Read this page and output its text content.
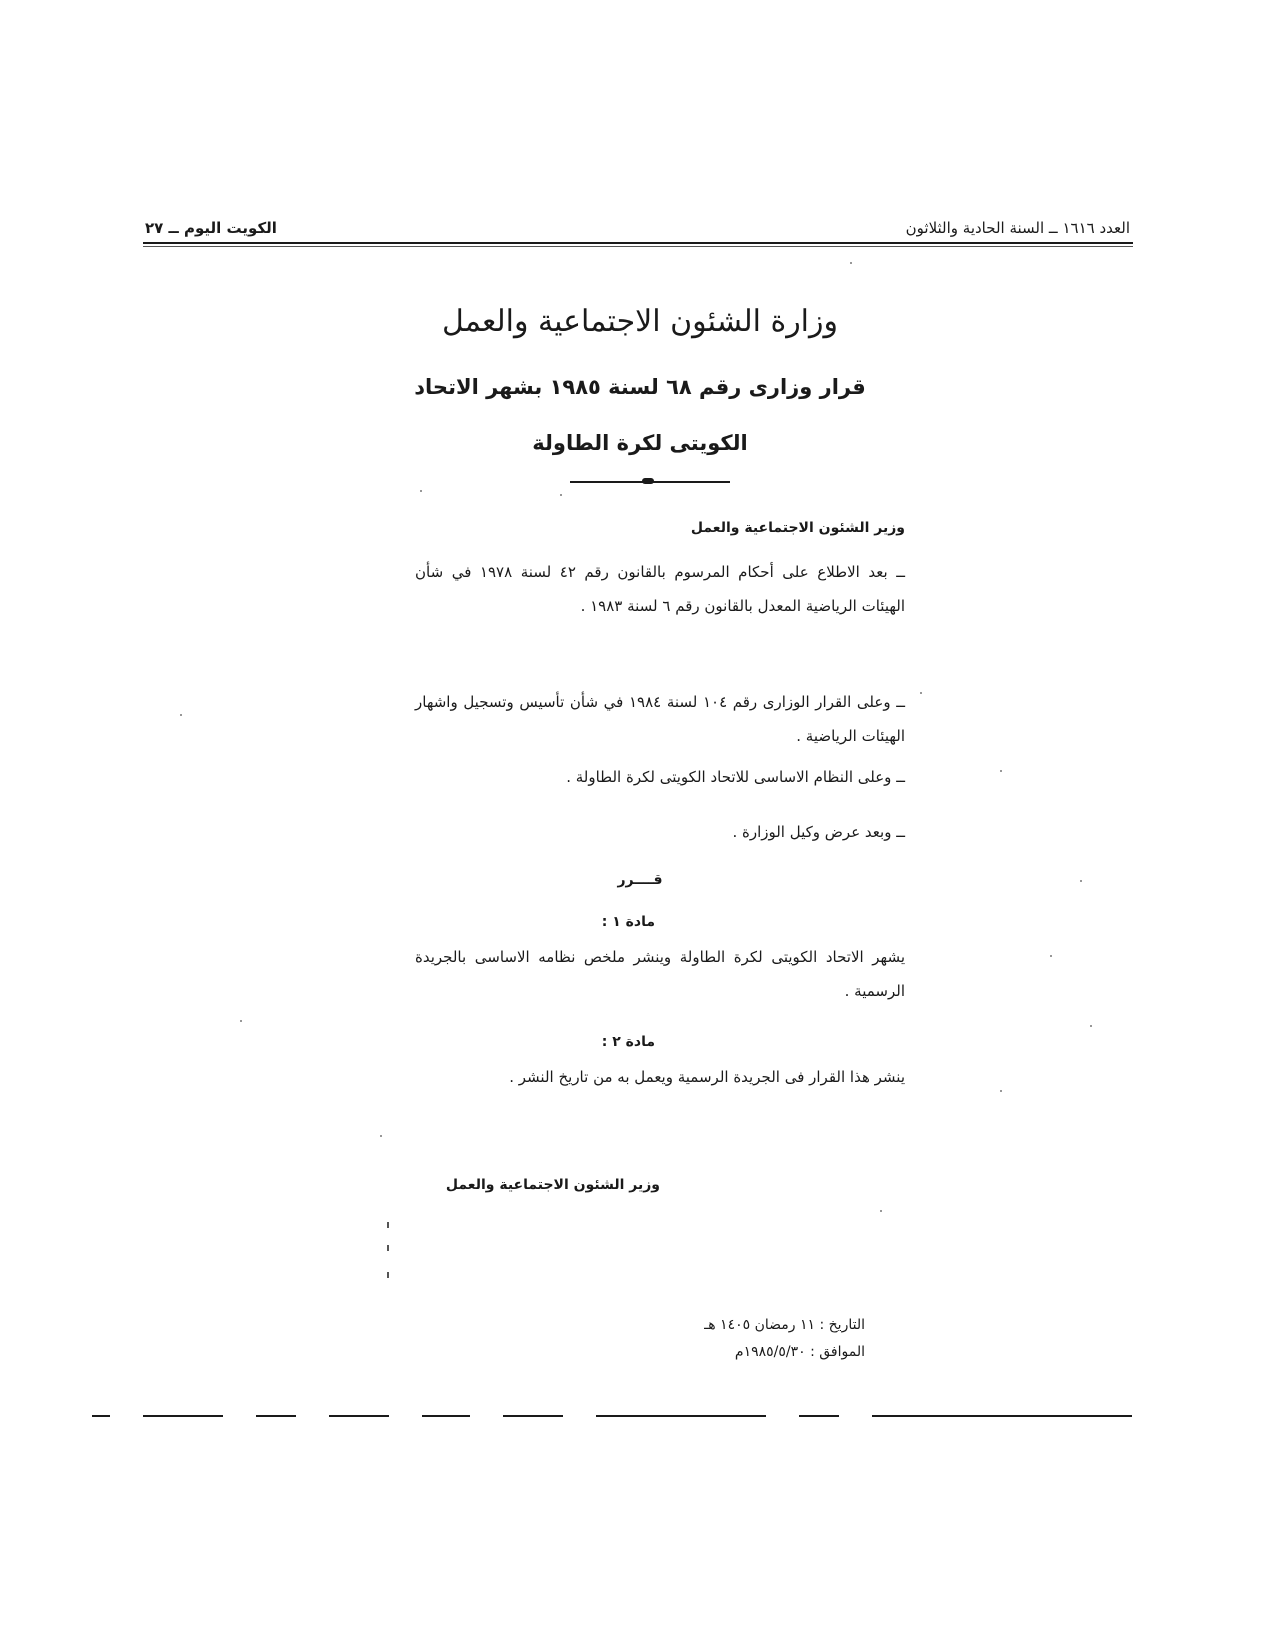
العدد ١٦١٦ ــ السنة الحادية والثلاثون
الكويت اليوم ــ ٢٧
وزارة الشئون الاجتماعية والعمل
قرار وزارى رقم ٦٨ لسنة ١٩٨٥ بشهر الاتحاد
الكويتى لكرة الطاولة
وزير الشئون الاجتماعية والعمل
ــ بعد الاطلاع على أحكام المرسوم بالقانون رقم ٤٢ لسنة ١٩٧٨ في شأن الهيئات الرياضية المعدل بالقانون رقم ٦ لسنة ١٩٨٣ .
ــ وعلى القرار الوزارى رقم ١٠٤ لسنة ١٩٨٤ في شأن تأسيس وتسجيل واشهار الهيئات الرياضية .
ــ وعلى النظام الاساسى للاتحاد الكويتى لكرة الطاولة .
ــ وبعد عرض وكيل الوزارة .
قــــرر
مادة ١ :
يشهر الاتحاد الكويتى لكرة الطاولة وينشر ملخص نظامه الاساسى بالجريدة الرسمية .
مادة ٢ :
ينشر هذا القرار فى الجريدة الرسمية ويعمل به من تاريخ النشر .
وزير الشئون الاجتماعية والعمل
التاريخ : ١١ رمضان ١٤٠٥ هـ
الموافق : ١٩٨٥/٥/٣٠م
